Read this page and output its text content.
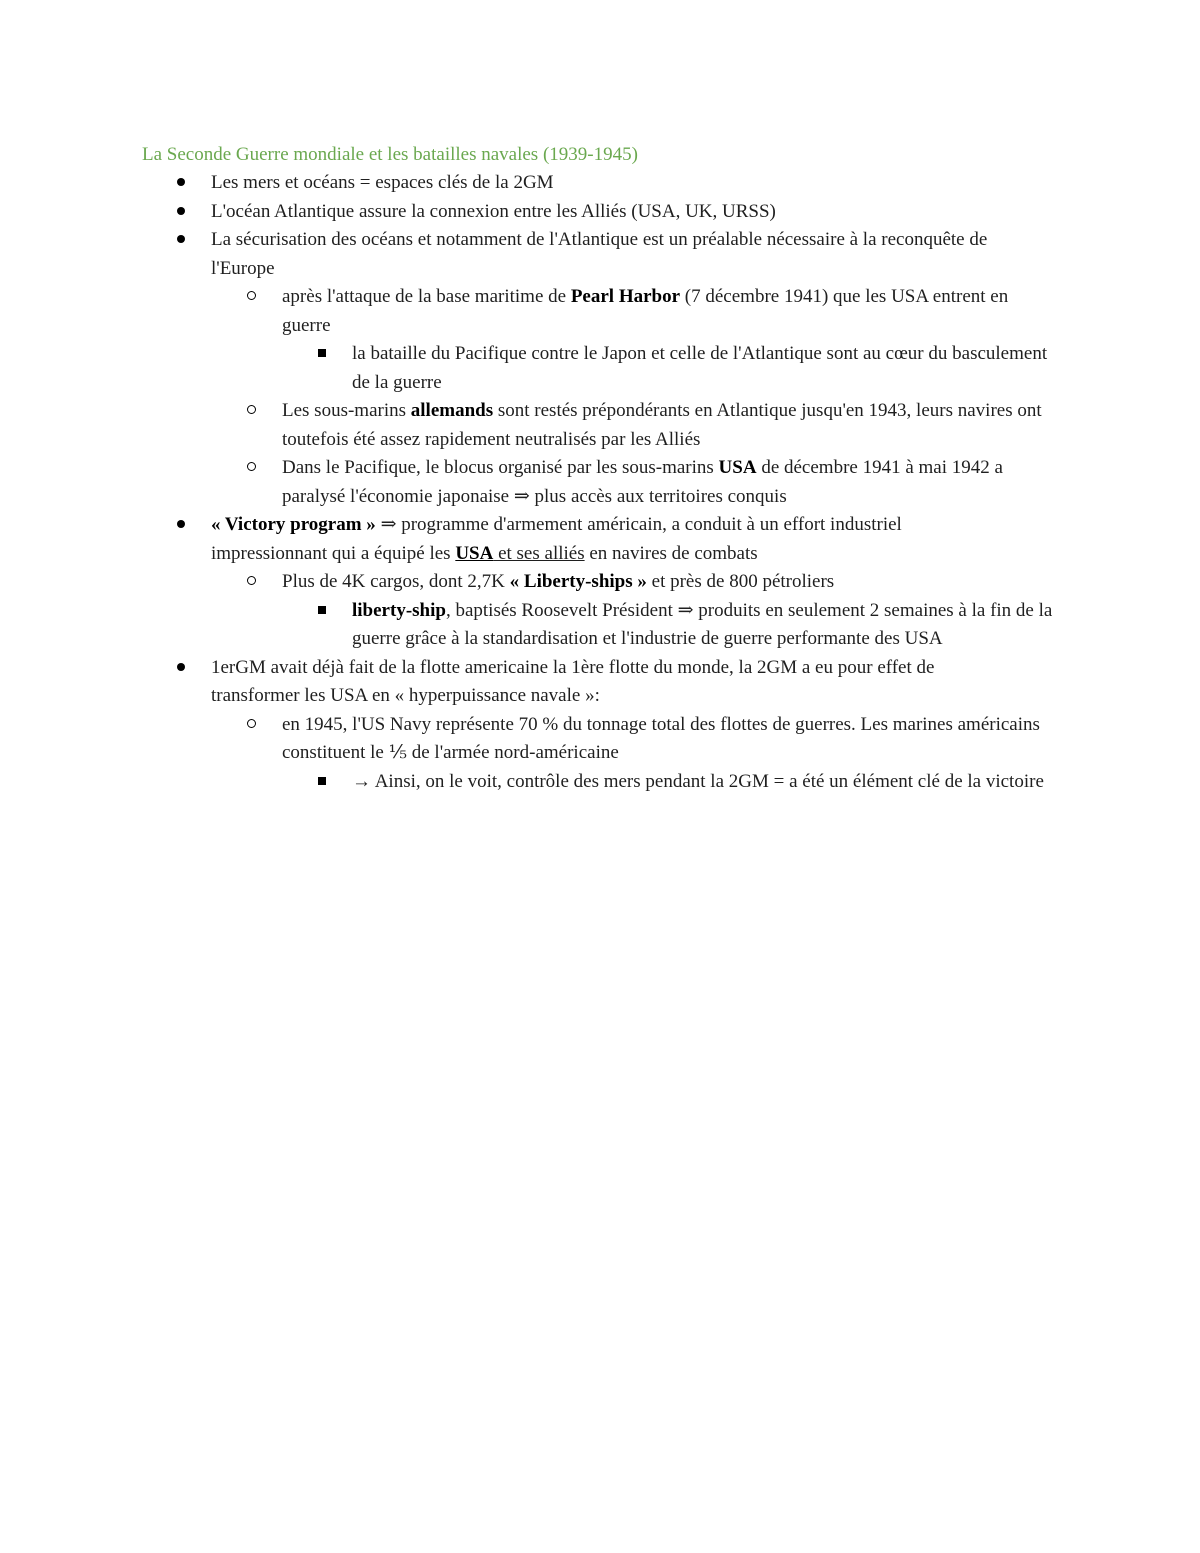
La Seconde Guerre mondiale et les batailles navales (1939-1945)
Les mers et océans = espaces clés de la 2GM
L'océan Atlantique assure la connexion entre les Alliés (USA, UK, URSS)
La sécurisation des océans et notamment de l'Atlantique est un préalable nécessaire à la reconquête de l'Europe
après l'attaque de la base maritime de Pearl Harbor (7 décembre 1941) que les USA entrent en guerre
la bataille du Pacifique contre le Japon et celle de l'Atlantique sont au cœur du basculement de la guerre
Les sous-marins allemands sont restés prépondérants en Atlantique jusqu'en 1943, leurs navires ont toutefois été assez rapidement neutralisés par les Alliés
Dans le Pacifique, le blocus organisé par les sous-marins USA de décembre 1941 à mai 1942 a paralysé l'économie japonaise ⇒ plus accès aux territoires conquis
« Victory program » ⇒ programme d'armement américain, a conduit à un effort industriel impressionnant qui a équipé les USA et ses alliés en navires de combats
Plus de 4K cargos, dont 2,7K « Liberty-ships » et près de 800 pétroliers
liberty-ship, baptisés Roosevelt Président ⇒ produits en seulement 2 semaines à la fin de la guerre grâce à la standardisation et l'industrie de guerre performante des USA
1erGM avait déjà fait de la flotte americaine la 1ère flotte du monde, la 2GM a eu pour effet de transformer les USA en « hyperpuissance navale »:
en 1945, l'US Navy représente 70 % du tonnage total des flottes de guerres. Les marines américains constituent le ⅕ de l'armée nord-américaine
→ Ainsi, on le voit, contrôle des mers pendant la 2GM = a été un élément clé de la victoire
